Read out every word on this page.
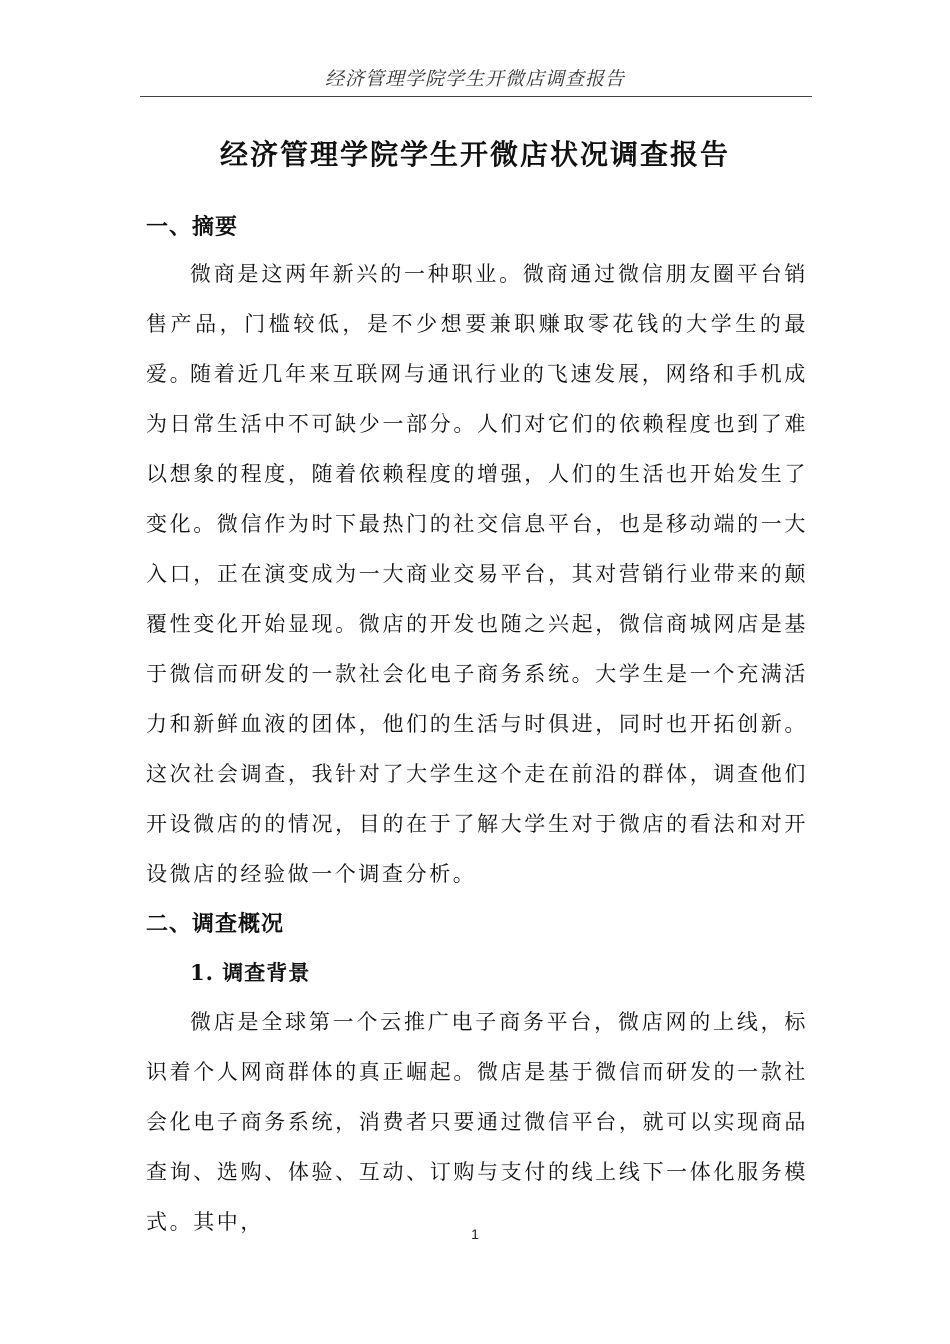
经济管理学院学生开微店调查报告
经济管理学院学生开微店状况调查报告
一、摘要

微商是这两年新兴的一种职业。微商通过微信朋友圈平台销售产品，门槛较低，是不少想要兼职赚取零花钱的大学生的最爱。

随着近几年来互联网与通讯行业的飞速发展，网络和手机成为日常生活中不可缺少一部分。人们对它们的依赖程度也到了难以想象的程度，随着依赖程度的增强，人们的生活也开始发生了变化。微信作为时下最热门的社交信息平台，也是移动端的一大入口，正在演变成为一大商业交易平台，其对营销行业带来的颠覆性变化开始显现。微店的开发也随之兴起，微信商城网店是基于微信而研发的一款社会化电子商务系统。大学生是一个充满活力和新鲜血液的团体，他们的生活与时俱进，同时也开拓创新。这次社会调查，我针对了大学生这个走在前沿的群体，调查他们开设微店的的情况，目的在于了解大学生对于微店的看法和对开设微店的经验做一个调查分析。

二、调查概况
1. 调查背景

微店是全球第一个云推广电子商务平台，微店网的上线，标识着个人网商群体的真正崛起。微店是基于微信而研发的一款社会化电子商务系统，消费者只要通过微信平台，就可以实现商品查询、选购、体验、互动、订购与支付的线上线下一体化服务模式。其中，	1
